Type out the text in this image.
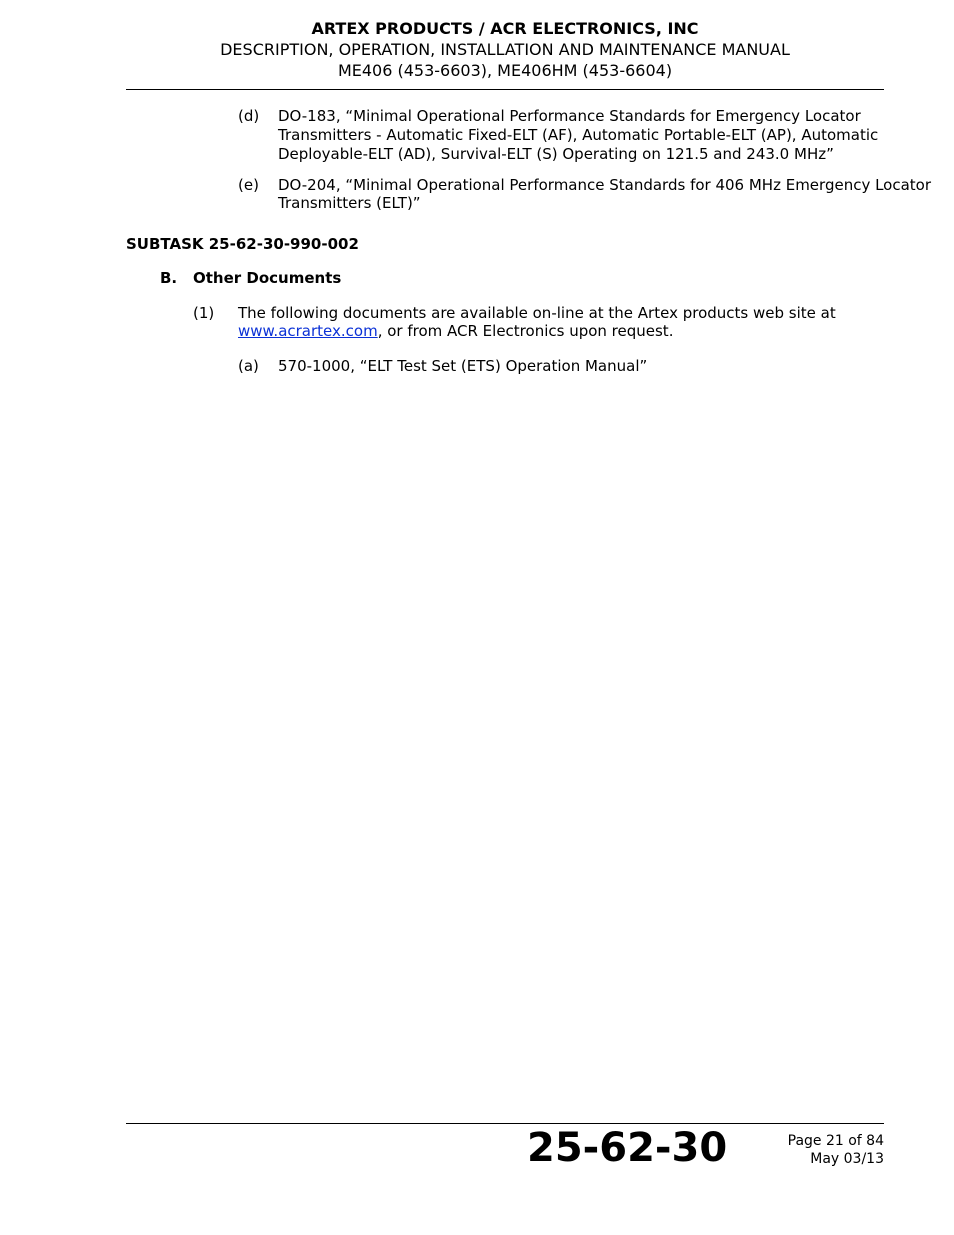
ARTEX PRODUCTS / ACR ELECTRONICS, INC
DESCRIPTION, OPERATION, INSTALLATION AND MAINTENANCE MANUAL
ME406 (453-6603), ME406HM (453-6604)
(d) DO-183, “Minimal Operational Performance Standards for Emergency Locator
Transmitters - Automatic Fixed-ELT (AF), Automatic Portable-ELT (AP), Automatic
Deployable-ELT (AD), Survival-ELT (S) Operating on 121.5 and 243.0 MHz”
(e) DO-204, “Minimal Operational Performance Standards for 406 MHz Emergency Locator
Transmitters (ELT)”
SUBTASK 25-62-30-990-002
B. Other Documents
(1) The following documents are available on-line at the Artex products web site at
www.acrartex.com, or from ACR Electronics upon request.
(a) 570-1000, “ELT Test Set (ETS) Operation Manual”
25-62-30	Page 21 of 84
May 03/13
